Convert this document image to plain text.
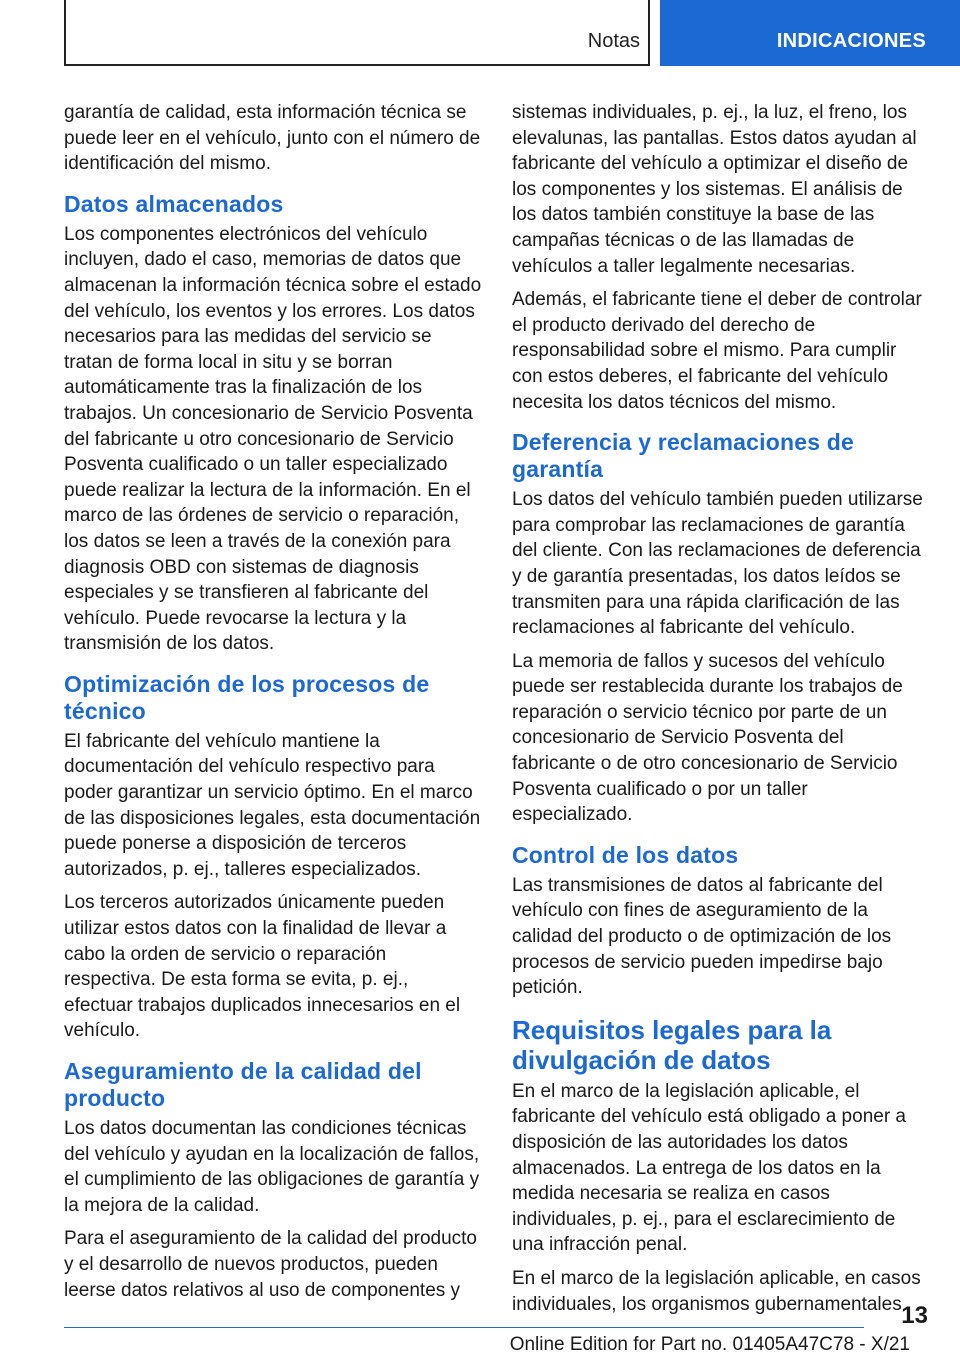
Notas	INDICACIONES

garantía de calidad, esta información técnica se puede leer en el vehículo, junto con el número de identificación del mismo.

Datos almacenados

Los componentes electrónicos del vehículo incluyen, dado el caso, memorias de datos que almacenan la información técnica sobre el estado del vehículo, los eventos y los errores. Los datos necesarios para las medidas del servicio se tratan de forma local in situ y se borran automáticamente tras la finalización de los trabajos. Un concesionario de Servicio Posventa del fabricante u otro concesionario de Servicio Posventa cualificado o un taller especializado puede realizar la lectura de la información. En el marco de las órdenes de servicio o reparación, los datos se leen a través de la conexión para diagnosis OBD con sistemas de diagnosis especiales y se transfieren al fabricante del vehículo. Puede revocarse la lectura y la transmisión de los datos.

Optimización de los procesos de técnico

El fabricante del vehículo mantiene la documentación del vehículo respectivo para poder garantizar un servicio óptimo. En el marco de las disposiciones legales, esta documentación puede ponerse a disposición de terceros autorizados, p. ej., talleres especializados.

Los terceros autorizados únicamente pueden utilizar estos datos con la finalidad de llevar a cabo la orden de servicio o reparación respectiva. De esta forma se evita, p. ej., efectuar trabajos duplicados innecesarios en el vehículo.

Aseguramiento de la calidad del producto

Los datos documentan las condiciones técnicas del vehículo y ayudan en la localización de fallos, el cumplimiento de las obligaciones de garantía y la mejora de la calidad.

Para el aseguramiento de la calidad del producto y el desarrollo de nuevos productos, pueden leerse datos relativos al uso de componentes y

sistemas individuales, p. ej., la luz, el freno, los elevalunas, las pantallas. Estos datos ayudan al fabricante del vehículo a optimizar el diseño de los componentes y los sistemas. El análisis de los datos también constituye la base de las campañas técnicas o de las llamadas de vehículos a taller legalmente necesarias.

Además, el fabricante tiene el deber de controlar el producto derivado del derecho de responsabilidad sobre el mismo. Para cumplir con estos deberes, el fabricante del vehículo necesita los datos técnicos del mismo.

Deferencia y reclamaciones de garantía

Los datos del vehículo también pueden utilizarse para comprobar las reclamaciones de garantía del cliente. Con las reclamaciones de deferencia y de garantía presentadas, los datos leídos se transmiten para una rápida clarificación de las reclamaciones al fabricante del vehículo.

La memoria de fallos y sucesos del vehículo puede ser restablecida durante los trabajos de reparación o servicio técnico por parte de un concesionario de Servicio Posventa del fabricante o de otro concesionario de Servicio Posventa cualificado o por un taller especializado.

Control de los datos

Las transmisiones de datos al fabricante del vehículo con fines de aseguramiento de la calidad del producto o de optimización de los procesos de servicio pueden impedirse bajo petición.

Requisitos legales para la divulgación de datos

En el marco de la legislación aplicable, el fabricante del vehículo está obligado a poner a disposición de las autoridades los datos almacenados. La entrega de los datos en la medida necesaria se realiza en casos individuales, p. ej., para el esclarecimiento de una infracción penal.

En el marco de la legislación aplicable, en casos individuales, los organismos gubernamentales 13
Online Edition for Part no. 01405A47C78 - X/21
